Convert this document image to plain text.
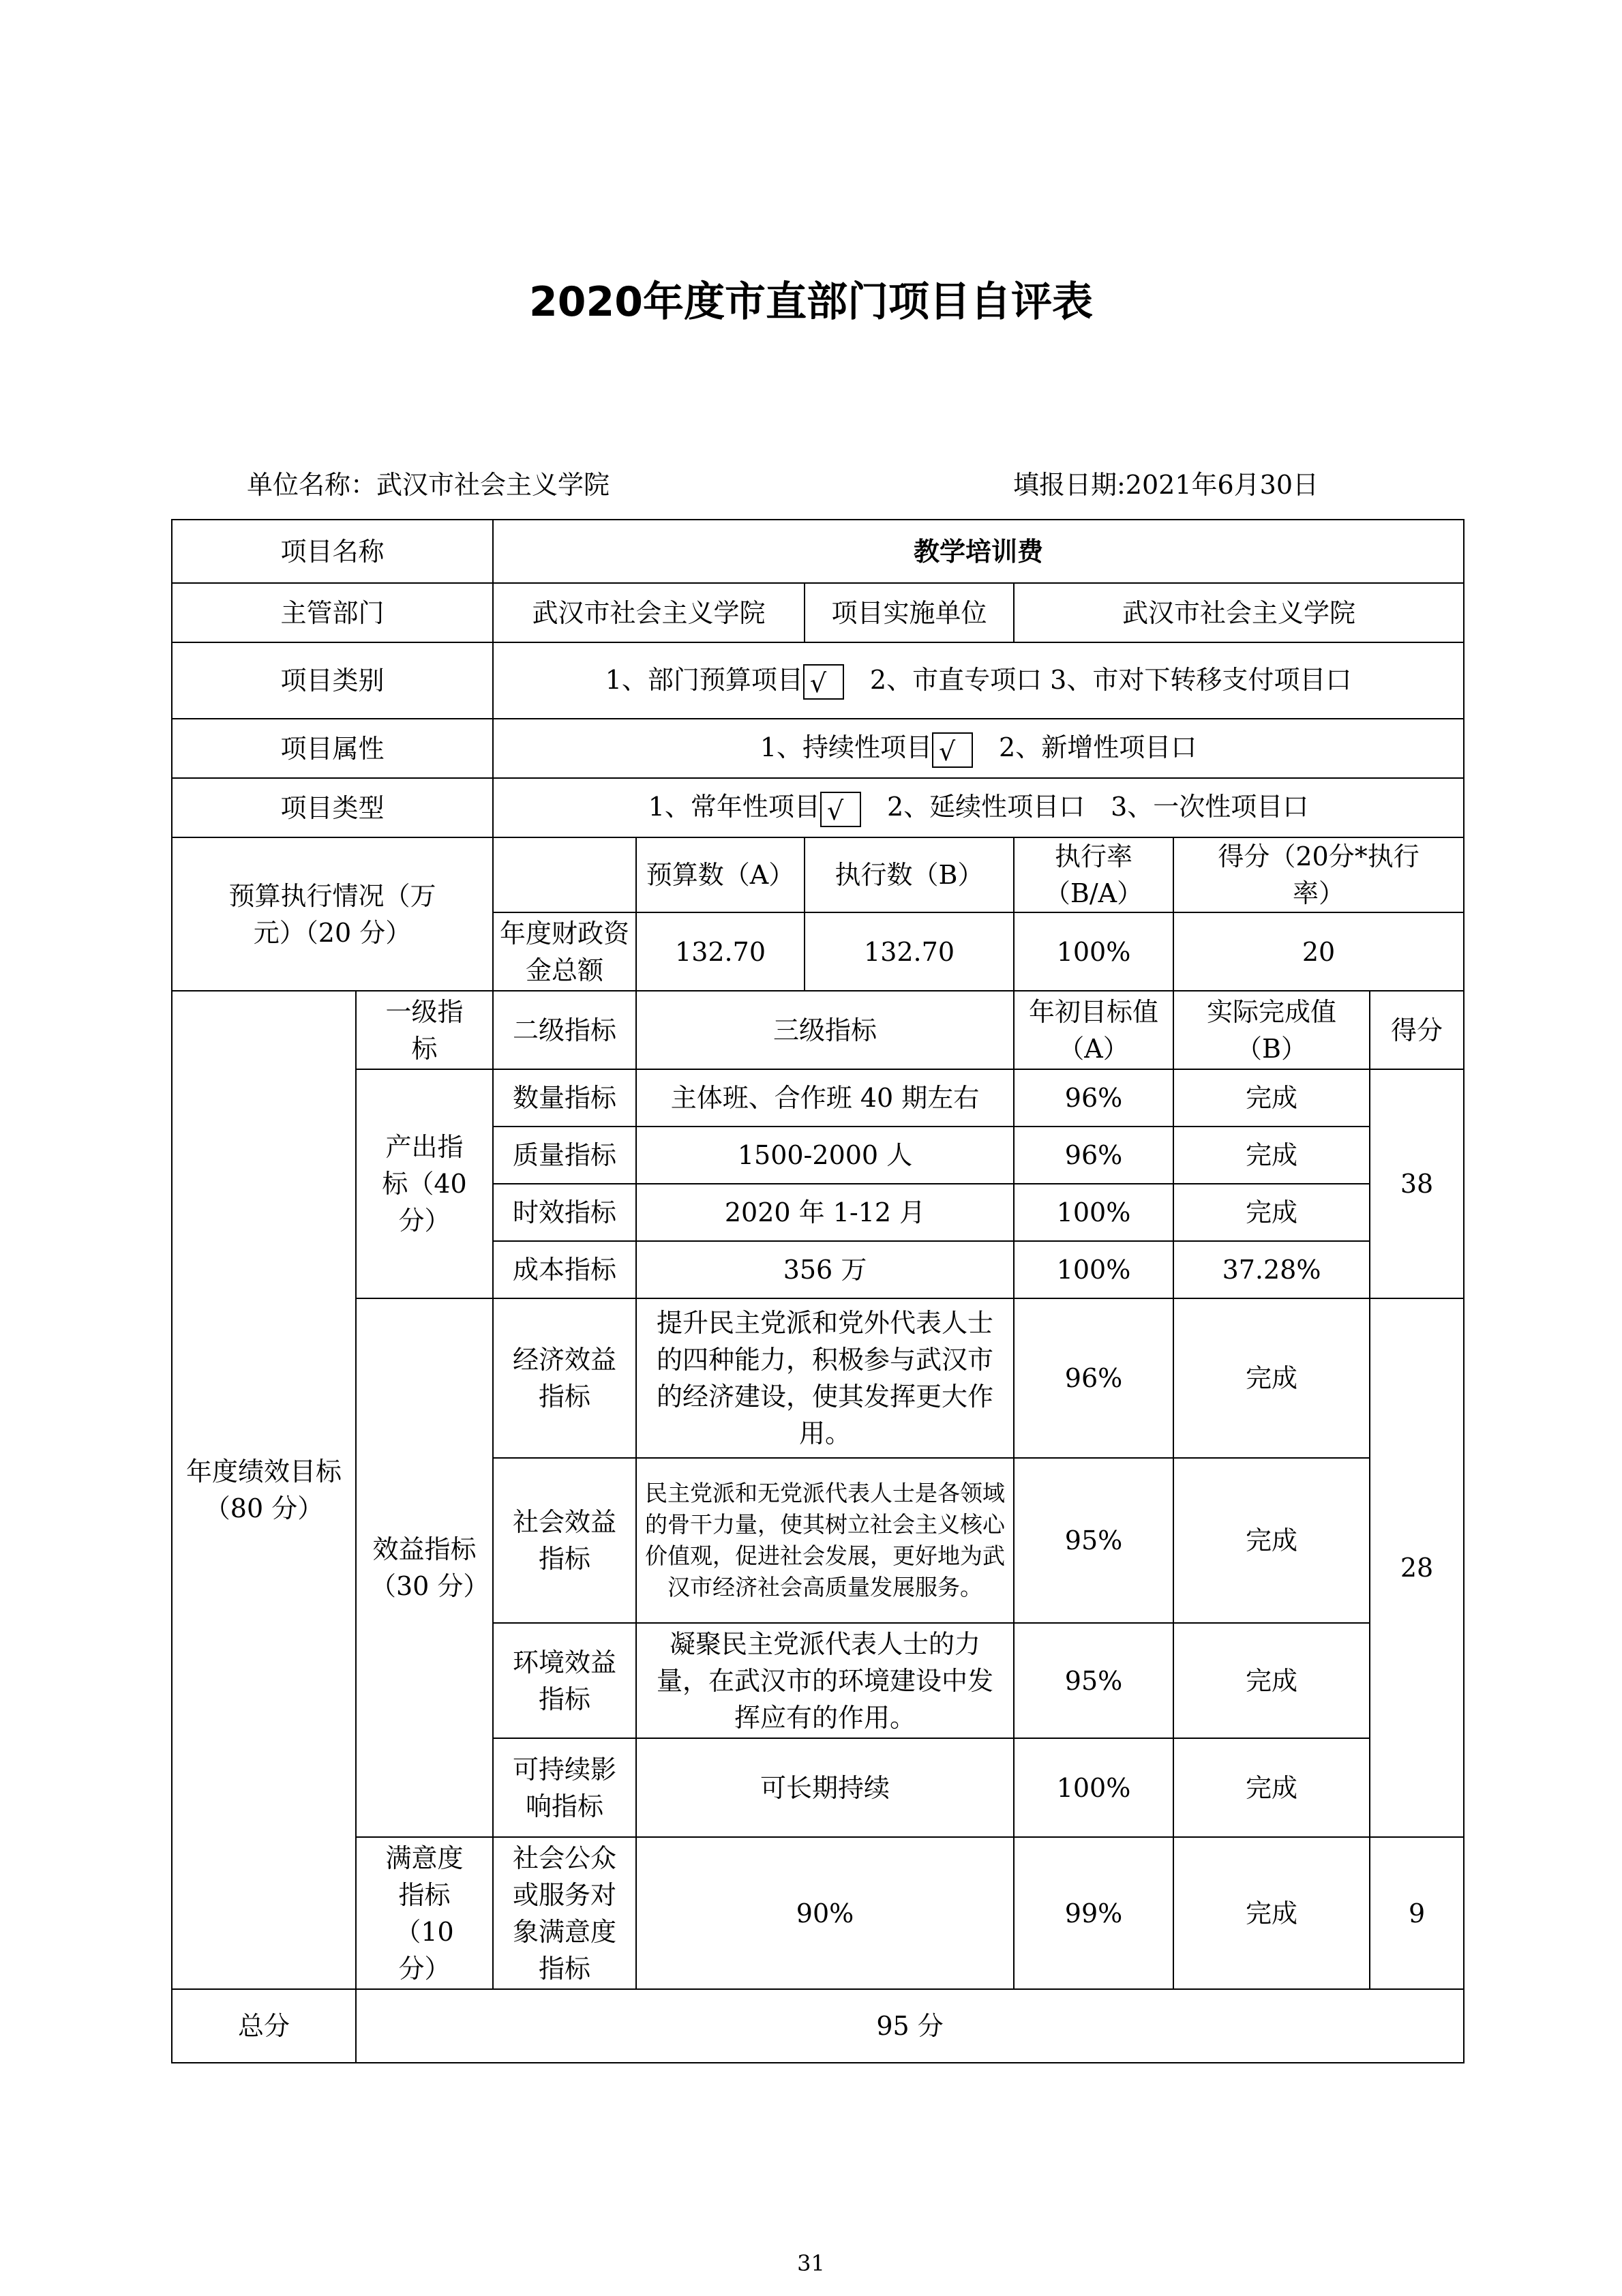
2020年度市直部门项目自评表
单位名称：武汉市社会主义学院	填报日期:2021年6月30日
项目名称		教学培训费					
主管部门		武汉市社会主义学院		项目实施单位	武汉市社会主义学院		
项目类别		1、部门预算项目 √　 2、市直专项口 3、市对下转移支付项目口					
项目属性		1、持续性项目 √　 2、新增性项目口					
项目类型		1、常年性项目 √　 2、延续性项目口　3、一次性项目口					
预算执行情况（万元）（20 分）			预算数（A）	执行数（B）	执行率（B/A）	得分（20分*执行率）	
		年度财政资金总额	132.70	132.70	100%	20	
年度绩效目标（80 分）	一级指标	二级指标	三级指标		年初目标值（A）	实际完成值（B）	得分
	产出指标（40 分）	数量指标	主体班、合作班 40 期左右		96%	完成	38
		质量指标	1500-2000 人		96%	完成	
		时效指标	2020 年 1-12 月		100%	完成	
		成本指标	356 万		100%	37.28%	
	效益指标（30 分）	经济效益指标	提升民主党派和党外代表人士的四种能力，积极参与武汉市的经济建设，使其发挥更大作用。		96%	完成	28
		社会效益指标	民主党派和无党派代表人士是各领域的骨干力量，使其树立社会主义核心价值观，促进社会发展，更好地为武汉市经济社会高质量发展服务。		95%	完成	
		环境效益指标	凝聚民主党派代表人士的力量，在武汉市的环境建设中发挥应有的作用。		95%	完成	
		可持续影响指标	可长期持续		100%	完成	
	满意度指标（10 分）	社会公众或服务对象满意度指标	90%		99%	完成	9
总分	95 分						
31
